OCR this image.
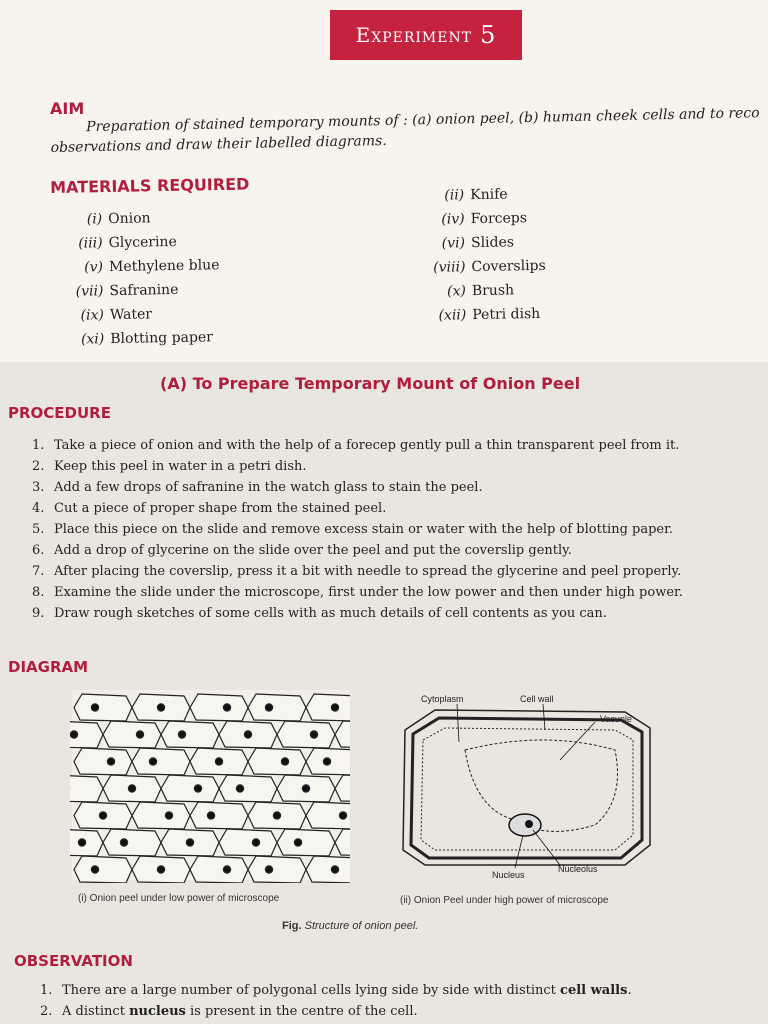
Experiment 5
AIM Preparation of stained temporary mounts of : (a) onion peel, (b) human cheek cells and to reco
observations and draw their labelled diagrams.
MATERIALS REQUIRED
(i) Onion
(iii) Glycerine
(v) Methylene blue
(vii) Safranine
(ix) Water
(xi) Blotting paper
(ii) Knife
(iv) Forceps
(vi) Slides
(viii) Coverslips
(x) Brush
(xii) Petri dish
(A) To Prepare Temporary Mount of Onion Peel
PROCEDURE
1. Take a piece of onion and with the help of a forecep gently pull a thin transparent peel from it.
2. Keep this peel in water in a petri dish.
3. Add a few drops of safranine in the watch glass to stain the peel.
4. Cut a piece of proper shape from the stained peel.
5. Place this piece on the slide and remove excess stain or water with the help of blotting paper.
6. Add a drop of glycerine on the slide over the peel and put the coverslip gently.
7. After placing the coverslip, press it a bit with needle to spread the glycerine and peel properly.
8. Examine the slide under the microscope, first under the low power and then under high power.
9. Draw rough sketches of some cells with as much details of cell contents as you can.
DIAGRAM
Cytoplasm	Cell wall
Vacuole
Nucleus
Nucleolus
(i) Onion peel under low power of microscope	(ii) Onion Peel under high power of microscope
Fig. Structure of onion peel.
OBSERVATION
1. There are a large number of polygonal cells lying side by side with distinct cell walls.
2. A distinct nucleus is present in the centre of the cell.
